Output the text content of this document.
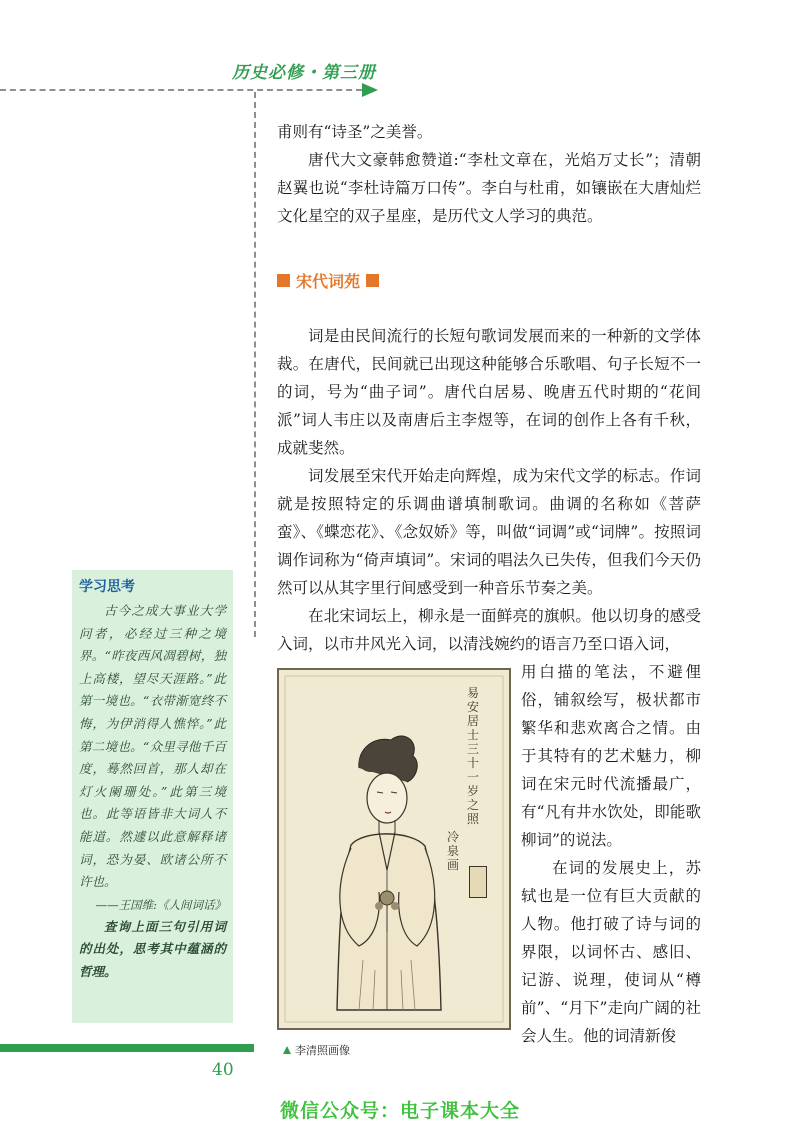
历史必修・第三册

甫则有“诗圣”之美誉。

唐代大文豪韩愈赞道:“李杜文章在，光焰万丈长”；清朝赵翼也说“李杜诗篇万口传”。李白与杜甫，如镶嵌在大唐灿烂文化星空的双子星座，是历代文人学习的典范。

宋代词苑

词是由民间流行的长短句歌词发展而来的一种新的文学体裁。在唐代，民间就已出现这种能够合乐歌唱、句子长短不一的词，号为“曲子词”。唐代白居易、晚唐五代时期的“花间派”词人韦庄以及南唐后主李煜等，在词的创作上各有千秋，成就斐然。

词发展至宋代开始走向辉煌，成为宋代文学的标志。作词就是按照特定的乐调曲谱填制歌词。曲调的名称如《菩萨蛮》、《蝶恋花》、《念奴娇》等，叫做“词调”或“词牌”。按照词调作词称为“倚声填词”。宋词的唱法久已失传，但我们今天仍然可以从其字里行间感受到一种音乐节奏之美。

在北宋词坛上，柳永是一面鲜亮的旗帜。他以切身的感受入词，以市井风光入词，以清浅婉约的语言乃至口语入词，

易安居士三十一岁之照
冷泉画

用白描的笔法，不避俚俗，铺叙绘写，极状都市繁华和悲欢离合之情。由于其特有的艺术魅力，柳词在宋元时代流播最广，有“凡有井水饮处，即能歌柳词”的说法。

在词的发展史上，苏轼也是一位有巨大贡献的人物。他打破了诗与词的界限，以词怀古、感旧、记游、说理，使词从“樽前”、“月下”走向广阔的社会人生。他的词清新俊

李清照画像

学习思考

古今之成大事业大学问者，必经过三种之境界。“昨夜西风凋碧树，独上高楼，望尽天涯路。”此第一境也。“衣带渐宽终不悔，为伊消得人憔悴。”此第二境也。“众里寻他千百度，蓦然回首，那人却在灯火阑珊处。”此第三境也。此等语皆非大词人不能道。然遽以此意解释诸词，恐为晏、欧诸公所不许也。

——王国维:《人间词话》

查询上面三句引用词的出处，思考其中蕴涵的哲理。

40
微信公众号：电子课本大全
